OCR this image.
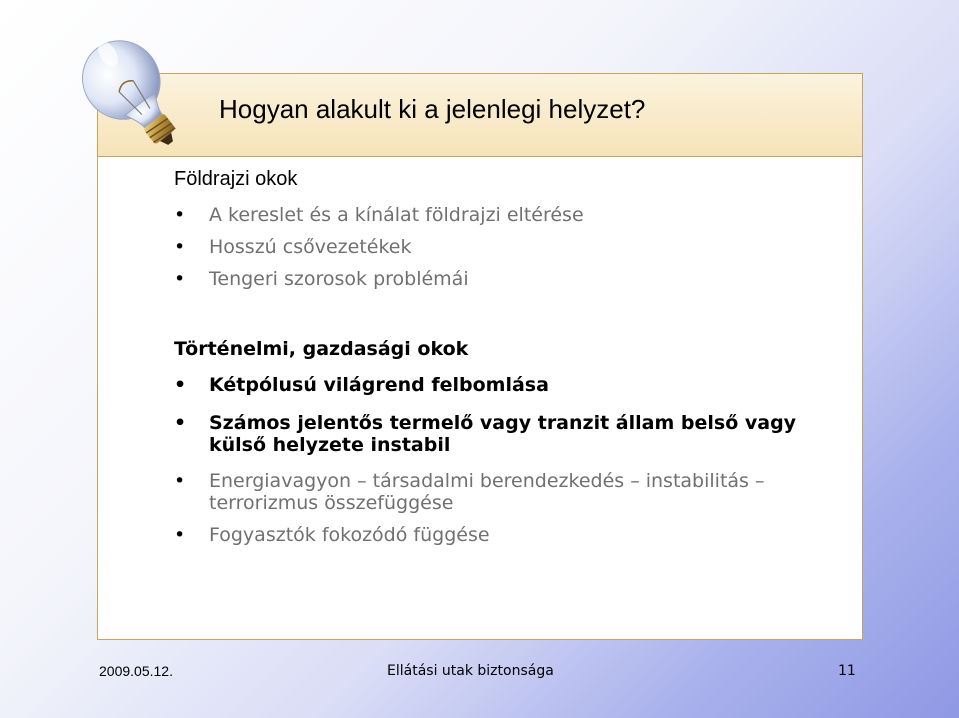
Hogyan alakult ki a jelenlegi helyzet?
Földrajzi okok
• A kereslet és a kínálat földrajzi eltérése
• Hosszú csővezetékek
• Tengeri szorosok problémái
Történelmi, gazdasági okok
• Kétpólusú világrend felbomlása
• Számos jelentős termelő vagy tranzit állam belső vagy külső helyzete instabil
• Energiavagyon – társadalmi berendezkedés – instabilitás – terrorizmus összefüggése
• Fogyasztók fokozódó függése
2009.05.12.	Ellátási utak biztonsága	11
